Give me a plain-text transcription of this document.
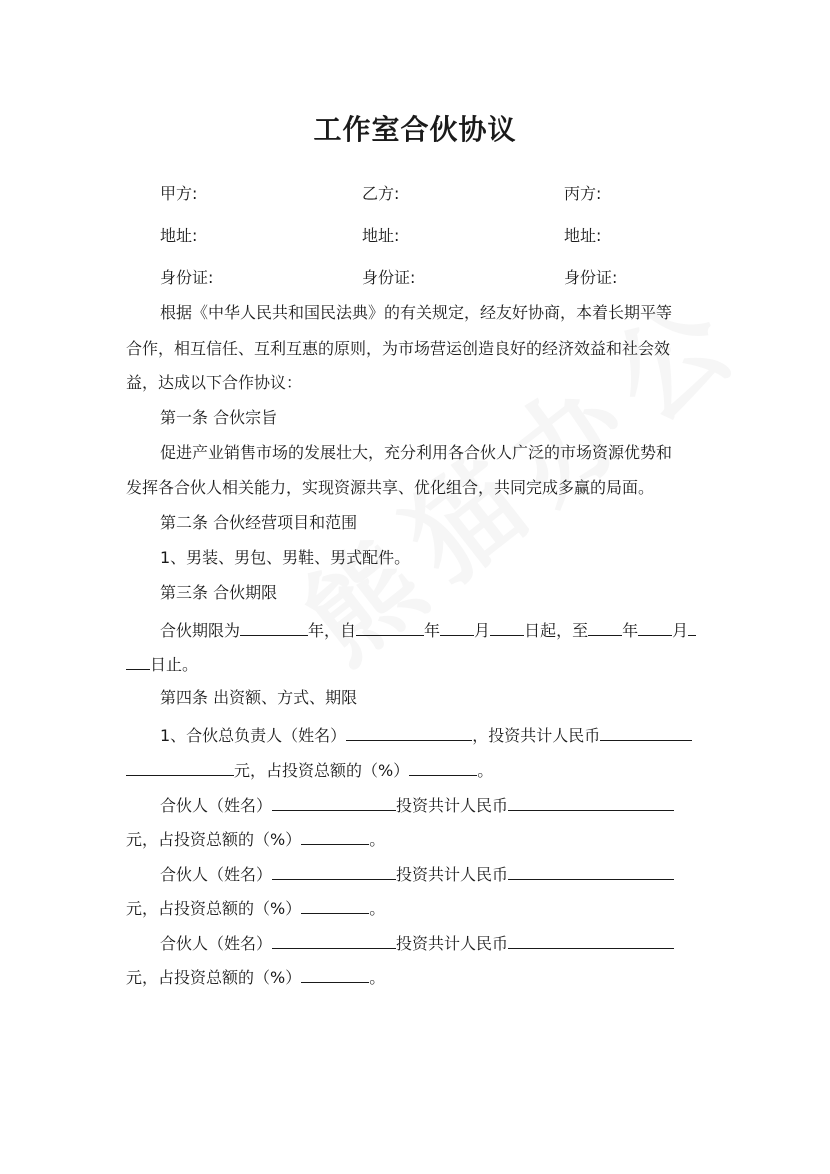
工作室合伙协议
甲方:	乙方:	丙方:
地址:	地址:	地址:
身份证:	身份证:	身份证:
根据《中华人民共和国民法典》的有关规定，经友好协商，本着长期平等
合作，相互信任、互利互惠的原则，为市场营运创造良好的经济效益和社会效
益，达成以下合作协议：
第一条 合伙宗旨
促进产业销售市场的发展壮大，充分利用各合伙人广泛的市场资源优势和
发挥各合伙人相关能力，实现资源共享、优化组合，共同完成多赢的局面。
第二条 合伙经营项目和范围
1、男装、男包、男鞋、男式配件。
第三条 合伙期限
合伙期限为	年，自	年 月 日起，至 年 月
日止。
第四条 出资额、方式、期限
1、合伙总负责人（姓名）	，投资共计人民币
元，占投资总额的（%）	。
合伙人（姓名）	投资共计人民币
元，占投资总额的（%）	。
合伙人（姓名）	投资共计人民币
元，占投资总额的（%）	。
合伙人（姓名）	投资共计人民币
元，占投资总额的（%）	。
